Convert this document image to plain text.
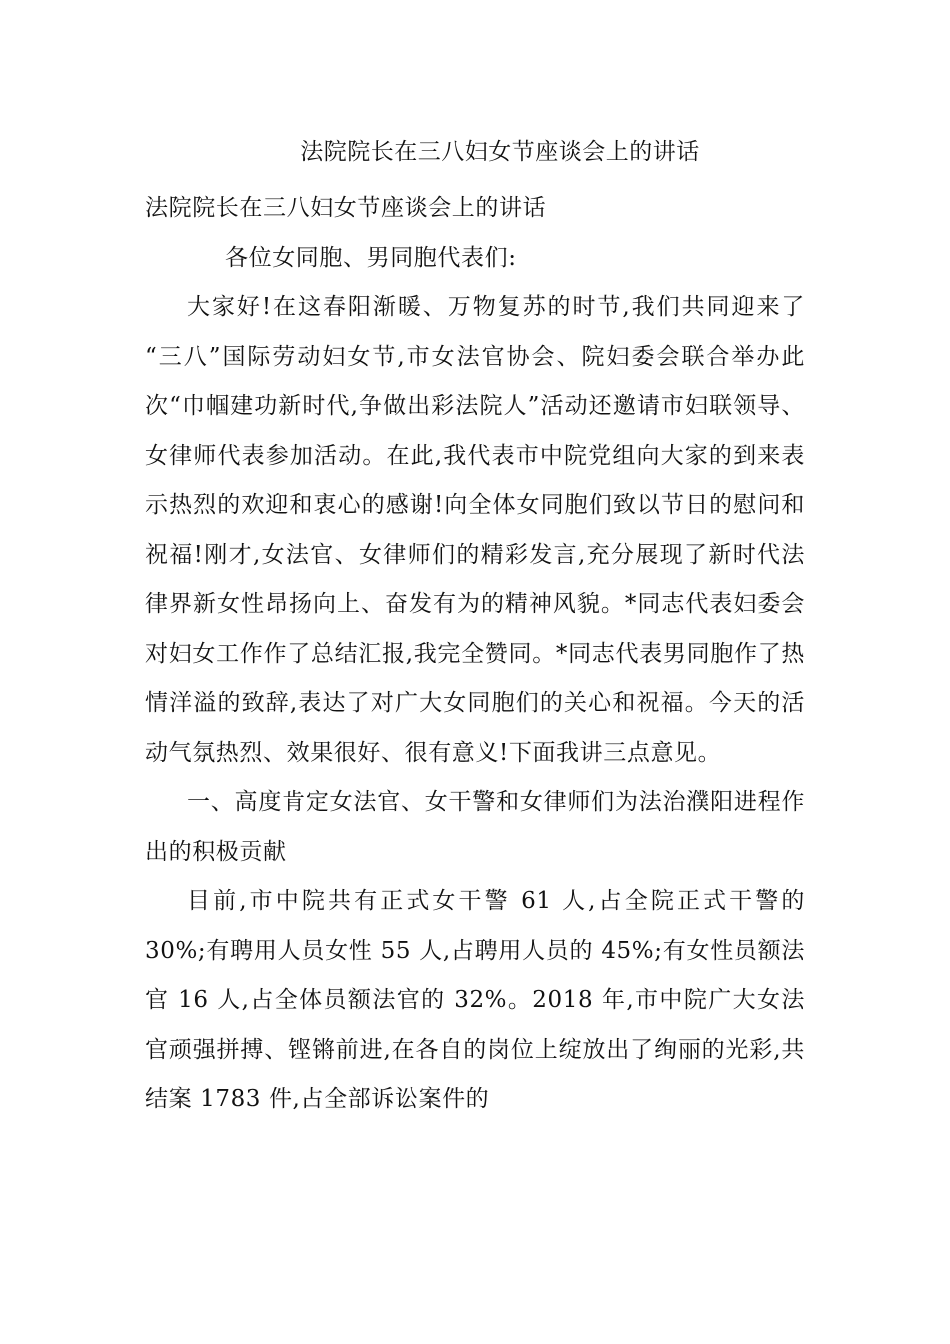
法院院长在三八妇女节座谈会上的讲话

法院院长在三八妇女节座谈会上的讲话

各位女同胞、男同胞代表们:

大家好!在这春阳渐暖、万物复苏的时节,我们共同迎来了 “三八”国际劳动妇女节,市女法官协会、院妇委会联合举办此次“巾帼建功新时代,争做出彩法院人”活动还邀请市妇联领导、女律师代表参加活动。在此,我代表市中院党组向大家的到来表示热烈的欢迎和衷心的感谢!向全体女同胞们致以节日的慰问和祝福!刚才,女法官、女律师们的精彩发言,充分展现了新时代法律界新女性昂扬向上、奋发有为的精神风貌。*同志代表妇委会对妇女工作作了总结汇报,我完全赞同。*同志代表男同胞作了热情洋溢的致辞,表达了对广大女同胞们的关心和祝福。今天的活动气氛热烈、效果很好、很有意义!下面我讲三点意见。

一、高度肯定女法官、女干警和女律师们为法治濮阳进程作出的积极贡献

目前,市中院共有正式女干警 61 人,占全院正式干警的 30%;有聘用人员女性 55 人,占聘用人员的 45%;有女性员额法官 16 人,占全体员额法官的 32%。2018 年,市中院广大女法官顽强拼搏、铿锵前进,在各自的岗位上绽放出了绚丽的光彩,共结案 1783 件,占全部诉讼案件的
